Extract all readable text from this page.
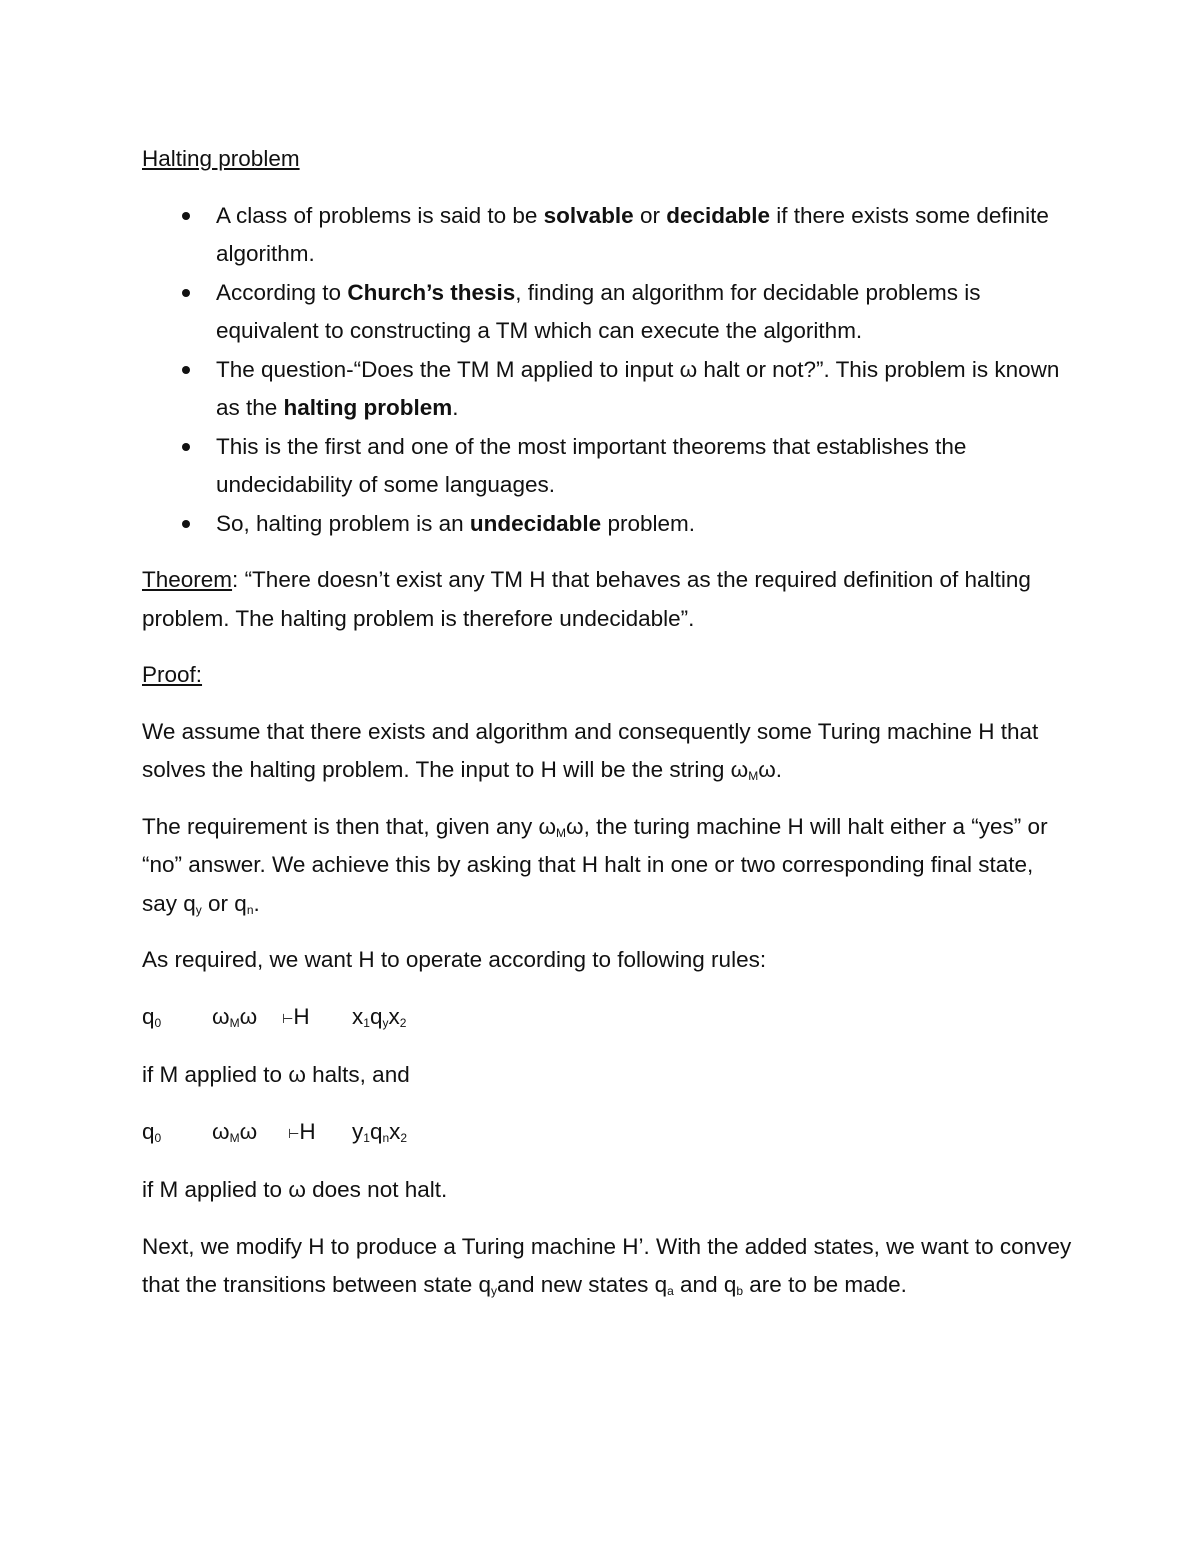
Halting problem
A class of problems is said to be solvable or decidable if there exists some definite algorithm.
According to Church’s thesis, finding an algorithm for decidable problems is equivalent to constructing a TM which can execute the algorithm.
The question-“Does the TM M applied to input ω halt or not?”. This problem is known as the halting problem.
This is the first and one of the most important theorems that establishes the undecidability of some languages.
So, halting problem is an undecidable problem.

Theorem: “There doesn’t exist any TM H that behaves as the required definition of halting problem. The halting problem is therefore undecidable”.

Proof:

We assume that there exists and algorithm and consequently some Turing machine H that solves the halting problem. The input to H will be the string $\omega_M\omega$.

The requirement is then that, given any $\omega_M\omega$, the turing machine H will halt either a “yes” or “no” answer. We achieve this by asking that H halt in one or two corresponding final state, say $q_y$ or $q_n$.

As required, we want H to operate according to following rules:

$q_0$ $\omega_M\omega$ ⊢H $x_1q_yx_2$

if M applied to ω halts, and

$q_0$ $\omega_M\omega$ ⊢H $y_1q_nx_2$

if M applied to ω does not halt.

Next, we modify H to produce a Turing machine H’. With the added states, we want to convey that the transitions between state $q_yand$ new states $q_a$ and $q_b$ are to be made.
